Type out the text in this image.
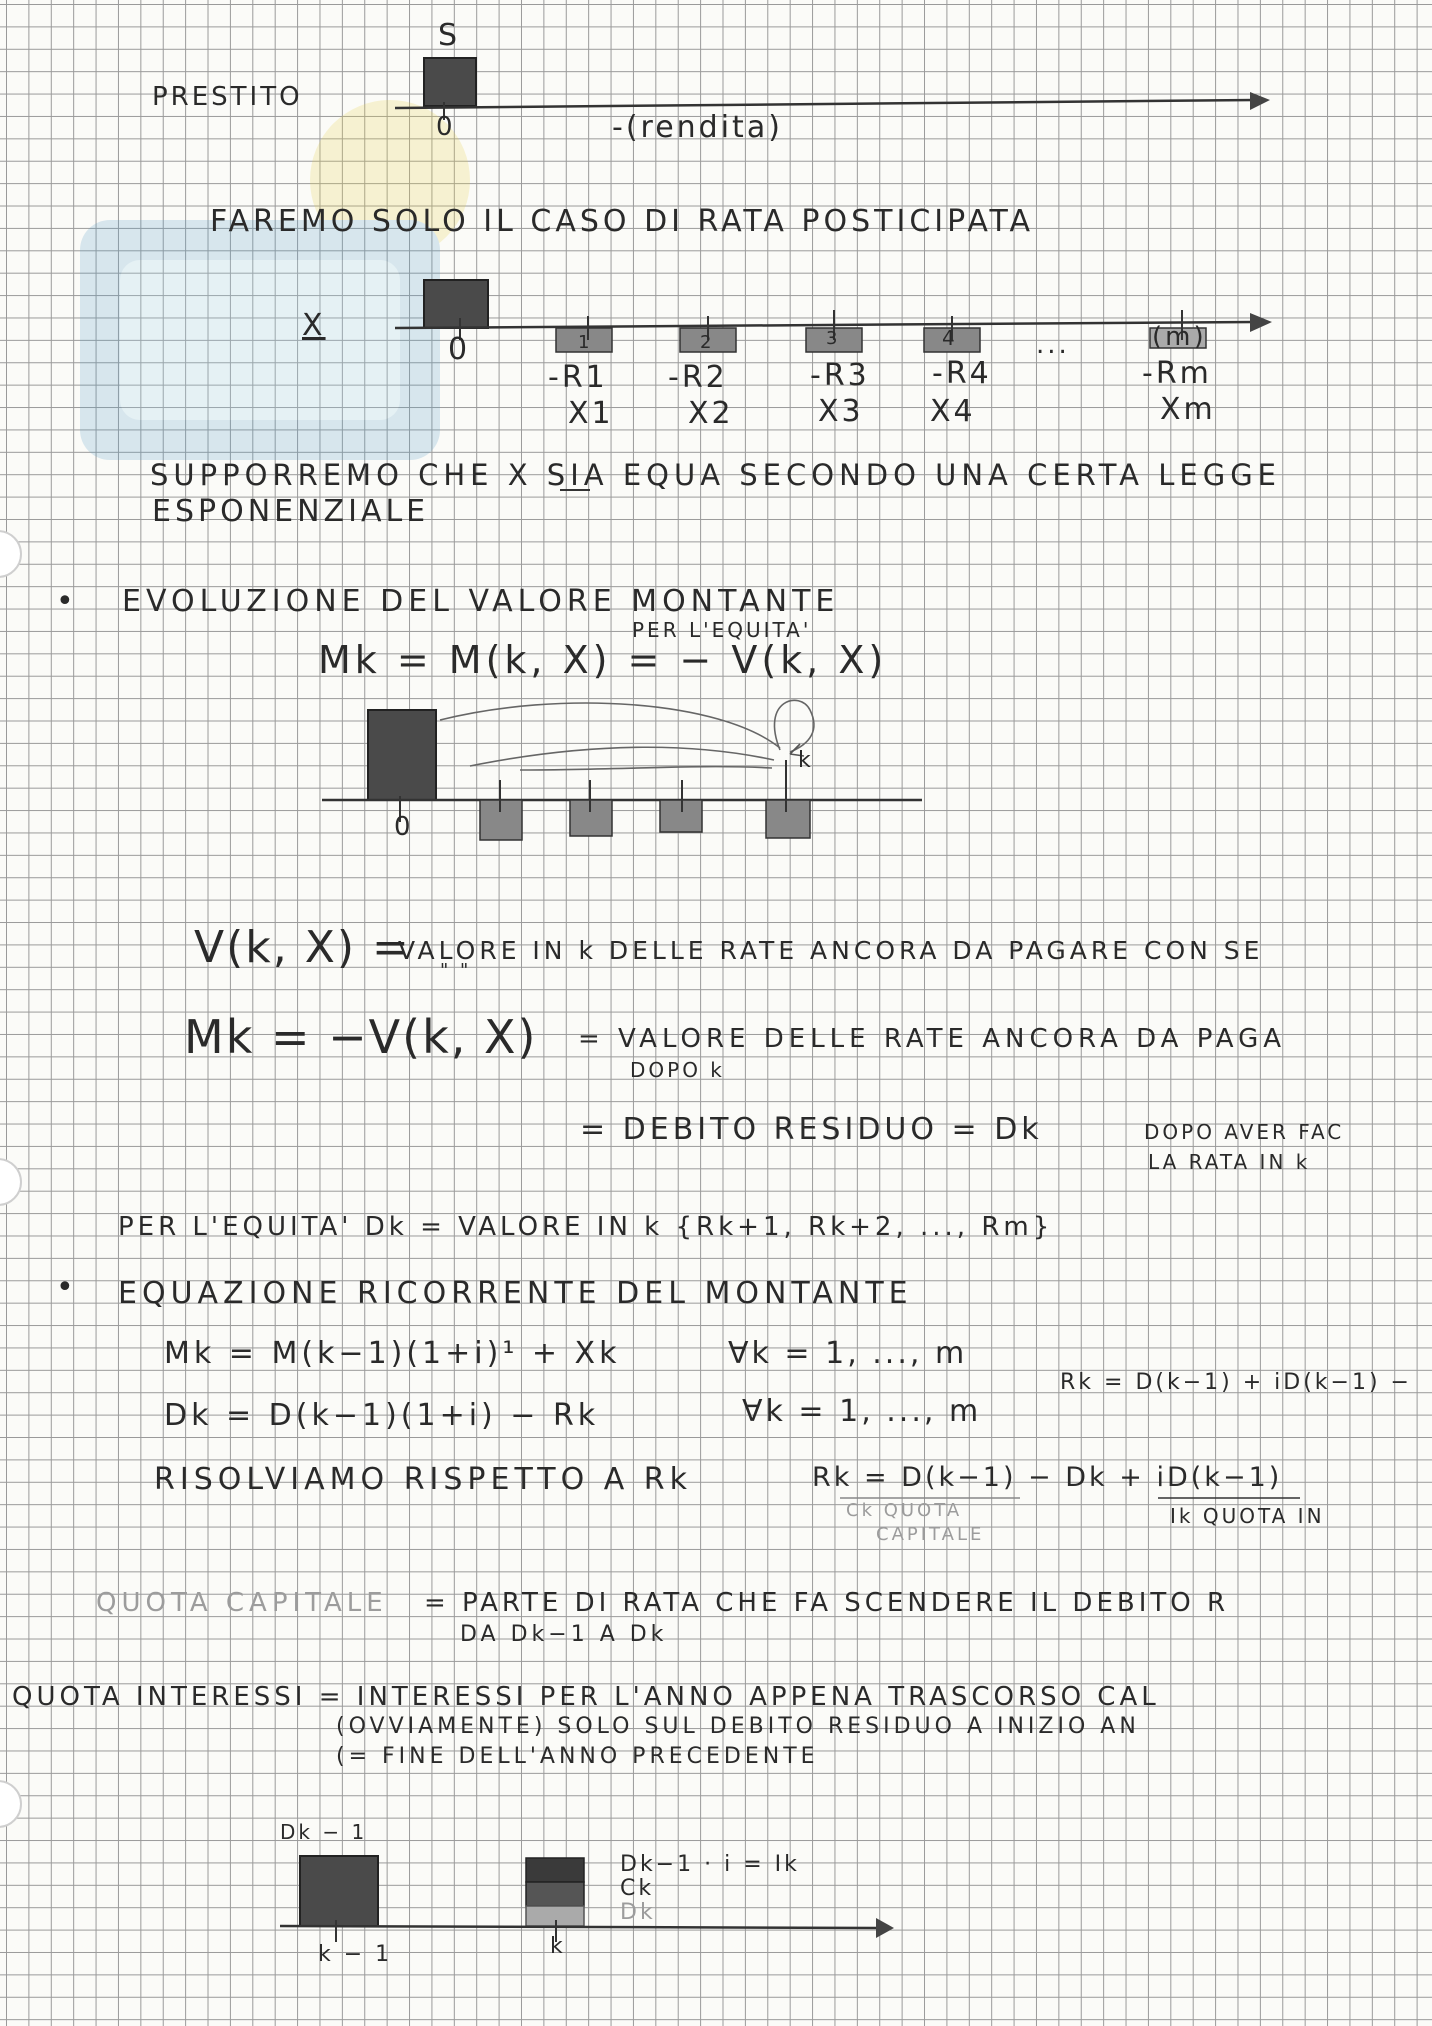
S
PRESTITO
0	-(rendita)
FAREMO SOLO IL CASO DI RATA POSTICIPATA
X
0	1	2	3	4	(m)
...
-R1 -R2	-R3 -R4	-Rm
X1 X2	X3 X4	Xm
SUPPORREMO CHE X SIA EQUA SECONDO UNA CERTA LEGGE
ESPONENZIALE
• EVOLUZIONE DEL VALORE MONTANTE
PER L'EQUITA'
Mk = M(k, X) = − V(k, X)
0
k
V(k, X) =
VALORE IN k DELLE RATE ANCORA DA PAGARE CON SE
" "
Mk = −V(k, X) = VALORE DELLE RATE ANCORA DA PAGA
DOPO k
= DEBITO RESIDUO = Dk	DOPO AVER FAC
LA RATA IN k
PER L'EQUITA' Dk = VALORE IN k {Rk+1, Rk+2, ..., Rm}
• EQUAZIONE RICORRENTE DEL MONTANTE
Mk = M(k−1)(1+i)¹ + Xk	∀k = 1, ..., m
Dk = D(k−1)(1+i) − Rk	∀k = 1, ..., m
Rk = D(k−1) + iD(k−1) −
RISOLVIAMO RISPETTO A Rk	Rk = D(k−1) − Dk + iD(k−1)
Ck QUOTA
CAPITALE
Ik QUOTA IN
QUOTA CAPITALE = PARTE DI RATA CHE FA SCENDERE IL DEBITO R
DA Dk−1 A Dk
QUOTA INTERESSI = INTERESSI PER L'ANNO APPENA TRASCORSO CAL
(OVVIAMENTE) SOLO SUL DEBITO RESIDUO A INIZIO AN
(= FINE DELL'ANNO PRECEDENTE
Dk − 1
Dk−1 · i = Ik
Ck
Dk
k − 1	k
